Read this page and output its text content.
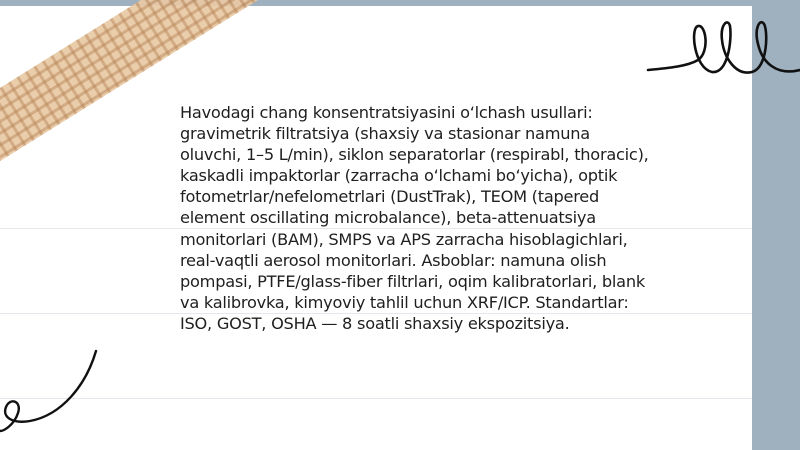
Havodagi chang konsentratsiyasini o‘lchash usullari: gravimetrik filtratsiya (shaxsiy va stasionar namuna oluvchi, 1–5 L/min), siklon separatorlar (respirabl, thoracic), kaskadli impaktorlar (zarracha o‘lchami bo‘yicha), optik fotometrlar/nefelometrlari (DustTrak), TEOM (tapered element oscillating microbalance), beta-attenuatsiya monitorlari (BAM), SMPS va APS zarracha hisoblagichlari, real-vaqtli aerosol monitorlari. Asboblar: namuna olish pompasi, PTFE/glass-fiber filtrlari, oqim kalibratorlari, blank va kalibrovka, kimyoviy tahlil uchun XRF/ICP. Standartlar: ISO, GOST, OSHA — 8 soatli shaxsiy ekspozitsiya.
